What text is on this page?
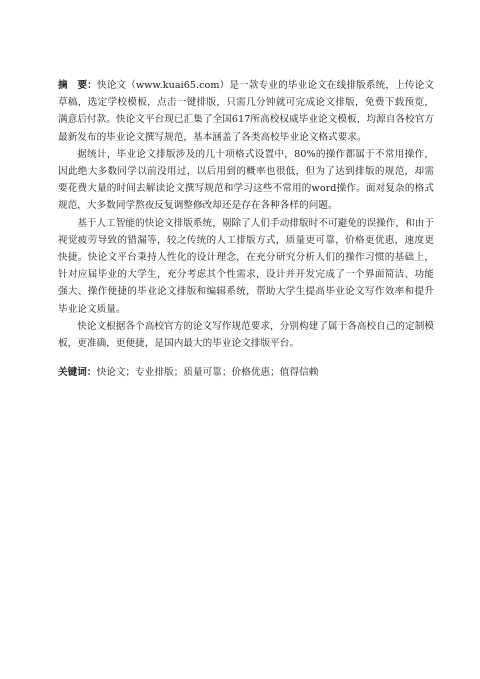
摘　要：快论文（www.kuai65.com）是一款专业的毕业论文在线排版系统，上传论文草稿，选定学校模板，点击一键排版，只需几分钟就可完成论文排版，免费下载预览，满意后付款。快论文平台现已汇集了全国617所高校权威毕业论文模板，均源自各校官方最新发布的毕业论文撰写规范，基本涵盖了各类高校毕业论文格式要求。

据统计，毕业论文排版涉及的几十项格式设置中，80%的操作都属于不常用操作，因此绝大多数同学以前没用过，以后用到的概率也很低，但为了达到排版的规范，却需要花费大量的时间去解读论文撰写规范和学习这些不常用的word操作。面对复杂的格式规范，大多数同学熬夜反复调整修改却还是存在各种各样的问题。

基于人工智能的快论文排版系统，剔除了人们手动排版时不可避免的误操作，和由于视觉疲劳导致的错漏等，较之传统的人工排版方式，质量更可靠，价格更优惠，速度更快捷。快论文平台秉持人性化的设计理念，在充分研究分析人们的操作习惯的基础上，针对应届毕业的大学生，充分考虑其个性需求，设计并开发完成了一个界面简洁、功能强大、操作便捷的毕业论文排版和编辑系统，帮助大学生提高毕业论文写作效率和提升毕业论文质量。

快论文根据各个高校官方的论文写作规范要求，分别构建了属于各高校自己的定制模板，更准确，更便捷，是国内最大的毕业论文排版平台。

关键词：快论文；专业排版；质量可靠；价格优惠；值得信赖
